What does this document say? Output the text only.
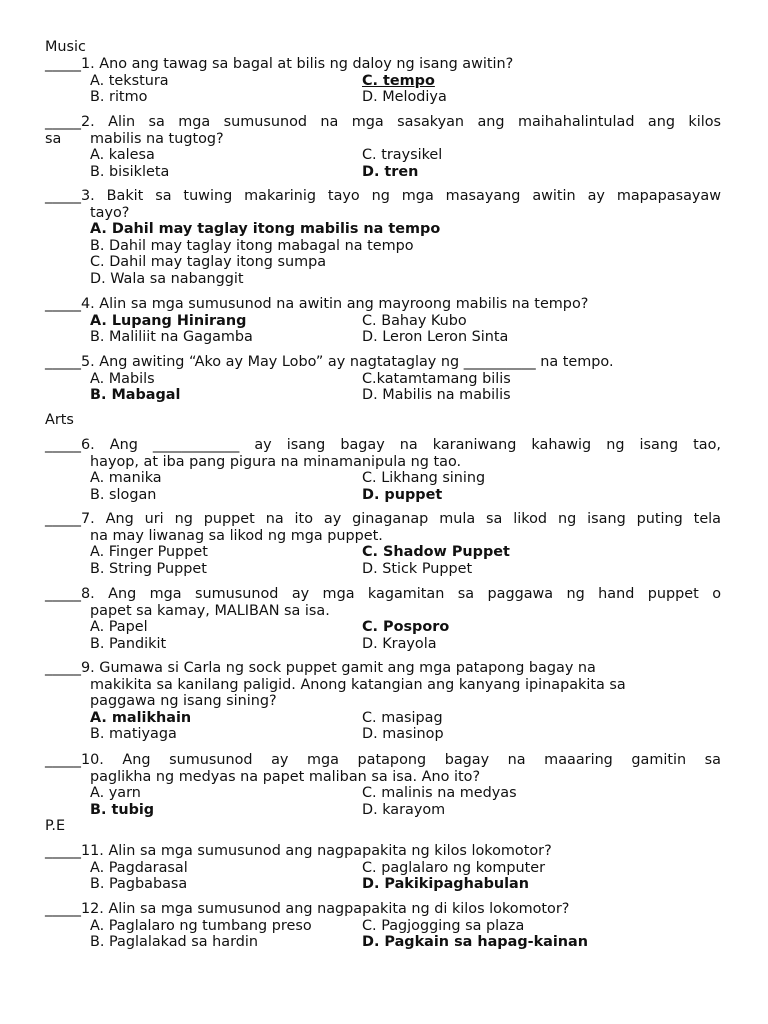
Music
_____1. Ano ang tawag sa bagal at bilis ng daloy ng isang awitin?
A. tekstura	C. tempo
B. ritmo	D. Melodiya
_____2. Alin sa mga sumusunod na mga sasakyan ang maihahalintulad ang kilos
sa	mabilis na tugtog?
A. kalesa	C. traysikel
B. bisikleta	D. tren
_____3. Bakit sa tuwing makarinig tayo ng mga masayang awitin ay mapapasayaw
tayo?
A. Dahil may taglay itong mabilis na tempo
B. Dahil may taglay itong mabagal na tempo
C. Dahil may taglay itong sumpa
D. Wala sa nabanggit
_____4. Alin sa mga sumusunod na awitin ang mayroong mabilis na tempo?
A. Lupang Hinirang	C. Bahay Kubo
B. Maliliit na Gagamba	D. Leron Leron Sinta
_____5. Ang awiting “Ako ay May Lobo” ay nagtataglay ng __________ na tempo.
A. Mabils	C.katamtamang bilis
B. Mabagal	D. Mabilis na mabilis
Arts
_____6. Ang ____________ ay isang bagay na karaniwang kahawig ng isang tao,
hayop, at iba pang pigura na minamanipula ng tao.
A. manika	C. Likhang sining
B. slogan	D. puppet
_____7. Ang uri ng puppet na ito ay ginaganap mula sa likod ng isang puting tela
na may liwanag sa likod ng mga puppet.
A. Finger Puppet	C. Shadow Puppet
B. String Puppet	D. Stick Puppet
_____8. Ang mga sumusunod ay mga kagamitan sa paggawa ng hand puppet o
papet sa kamay, MALIBAN sa isa.
A. Papel	C. Posporo
B. Pandikit	D. Krayola
_____9. Gumawa si Carla ng sock puppet gamit ang mga patapong bagay na
makikita sa kanilang paligid. Anong katangian ang kanyang ipinapakita sa
paggawa ng isang sining?
A. malikhain	C. masipag
B. matiyaga	D. masinop
_____10. Ang sumusunod ay mga patapong bagay na maaaring gamitin sa
paglikha ng medyas na papet maliban sa isa. Ano ito?
A. yarn	C. malinis na medyas
B. tubig	D. karayom
P.E
_____11. Alin sa mga sumusunod ang nagpapakita ng kilos lokomotor?
A. Pagdarasal	C. paglalaro ng komputer
B. Pagbabasa	D. Pakikipaghabulan
_____12. Alin sa mga sumusunod ang nagpapakita ng di kilos lokomotor?
A. Paglalaro ng tumbang preso	C. Pagjogging sa plaza
B. Paglalakad sa hardin	D. Pagkain sa hapag-kainan
